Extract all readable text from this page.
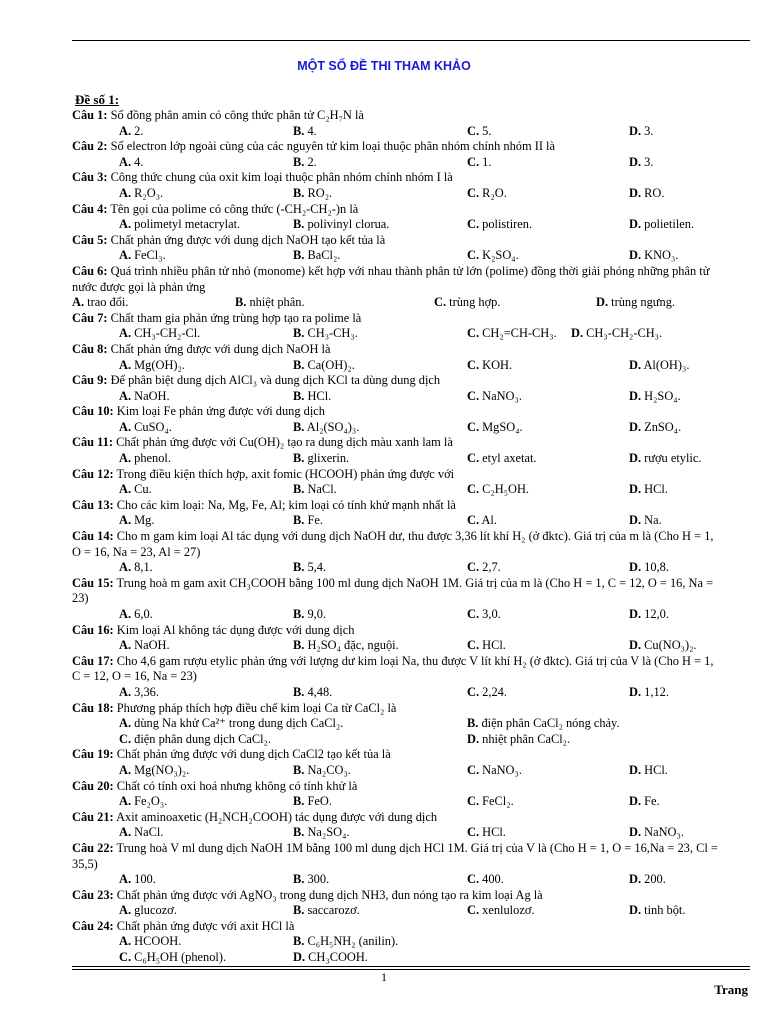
MỘT SỐ ĐỀ THI THAM KHẢO
Đề số 1:
Câu 1: Số đồng phân amin có công thức phân tử C₂H₇N là
A. 2.	B. 4.	C. 5.	D. 3.
Câu 2: Số electron lớp ngoài cùng của các nguyên tử kim loại thuộc phân nhóm chính nhóm II là
A. 4.	B. 2.	C. 1.	D. 3.
Câu 3: Công thức chung của oxit kim loại thuộc phân nhóm chính nhóm I là
A. R₂O₃.	B. RO₂.	C. R₂O.	D. RO.
Câu 4: Tên gọi của polime có công thức (-CH₂-CH₂-)n là
A. polimetyl metacrylat.	B. polivinyl clorua.	C. polistiren.	D. polietilen.
Câu 5: Chất phản ứng được với dung dịch NaOH tạo kết tủa là
A. FeCl₃.	B. BaCl₂.	C. K₂SO₄.	D. KNO₃.
Câu 6: Quá trình nhiều phân tử nhỏ (monome) kết hợp với nhau thành phân tử lớn (polime) đồng thời giải phóng những phân tử nước được gọi là phản ứng
A. trao đổi.	B. nhiệt phân.	C. trùng hợp.	D. trùng ngưng.
Câu 7: Chất tham gia phản ứng trùng hợp tạo ra polime là
A. CH₃-CH₂-Cl.	B. CH₃-CH₃.	C. CH₂=CH-CH₃. D. CH₃-CH₂-CH₃.
Câu 8: Chất phản ứng được với dung dịch NaOH là
A. Mg(OH)₂.	B. Ca(OH)₂.	C. KOH.	D. Al(OH)₃.
Câu 9: Để phân biệt dung dịch AlCl₃ và dung dịch KCl ta dùng dung dịch
A. NaOH.	B. HCl.	C. NaNO₃.	D. H₂SO₄.
Câu 10: Kim loại Fe phản ứng được với dung dịch
A. CuSO₄.	B. Al₂(SO₄)₃.	C. MgSO₄.	D. ZnSO₄.
Câu 11: Chất phản ứng được với Cu(OH)₂ tạo ra dung dịch màu xanh lam là
A. phenol.	B. glixerin.	C. etyl axetat.	D. rượu etylic.
Câu 12: Trong điều kiện thích hợp, axit fomic (HCOOH) phản ứng được với
A. Cu.	B. NaCl.	C. C₂H₅OH.	D. HCl.
Câu 13: Cho các kim loại: Na, Mg, Fe, Al; kim loại có tính khử mạnh nhất là
A. Mg.	B. Fe.	C. Al.	D. Na.
Câu 14: Cho m gam kim loại Al tác dụng với dung dịch NaOH dư, thu được 3,36 lít khí H₂ (ở đktc). Giá trị của m là (Cho H = 1, O = 16, Na = 23, Al = 27)
A. 8,1.	B. 5,4.	C. 2,7.	D. 10,8.
Câu 15: Trung hoà m gam axit CH₃COOH bằng 100 ml dung dịch NaOH 1M. Giá trị của m là (Cho H = 1, C = 12, O = 16, Na = 23)
A. 6,0.	B. 9,0.	C. 3,0.	D. 12,0.
Câu 16: Kim loại Al không tác dụng được với dung dịch
A. NaOH.	B. H₂SO₄ đặc, nguội.	C. HCl.	D. Cu(NO₃)₂.
Câu 17: Cho 4,6 gam rượu etylic phản ứng với lượng dư kim loại Na, thu được V lít khí H₂ (ở đktc). Giá trị của V là (Cho H = 1, C = 12, O = 16, Na = 23)
A. 3,36.	B. 4,48.	C. 2,24.	D. 1,12.
Câu 18: Phương pháp thích hợp điều chế kim loại Ca từ CaCl₂ là
A. dùng Na khử Ca²⁺ trong dung dịch CaCl₂.	B. điện phân CaCl₂ nóng chảy.
C. điện phân dung dịch CaCl₂.	D. nhiệt phân CaCl₂.
Câu 19: Chất phản ứng được với dung dịch CaCl2 tạo kết tủa là
A. Mg(NO₃)₂.	B. Na₂CO₃.	C. NaNO₃.	D. HCl.
Câu 20: Chất có tính oxi hoá nhưng không có tính khử là
A. Fe₂O₃.	B. FeO.	C. FeCl₂.	D. Fe.
Câu 21: Axit aminoaxetic (H₂NCH₂COOH) tác dụng được với dung dịch
A. NaCl.	B. Na₂SO₄.	C. HCl.	D. NaNO₃.
Câu 22: Trung hoà V ml dung dịch NaOH 1M bằng 100 ml dung dịch HCl 1M. Giá trị của V là (Cho H = 1, O = 16,Na = 23, Cl = 35,5)
A. 100.	B. 300.	C. 400.	D. 200.
Câu 23: Chất phản ứng được với AgNO₃ trong dung dịch NH3, đun nóng tạo ra kim loại Ag là
A. glucozơ.	B. saccarozơ.	C. xenlulozơ.	D. tinh bột.
Câu 24: Chất phản ứng được với axit HCl là
A. HCOOH.	B. C₆H₅NH₂ (anilin).
C. C₆H₅OH (phenol).	D. CH₃COOH.
1
Trang
